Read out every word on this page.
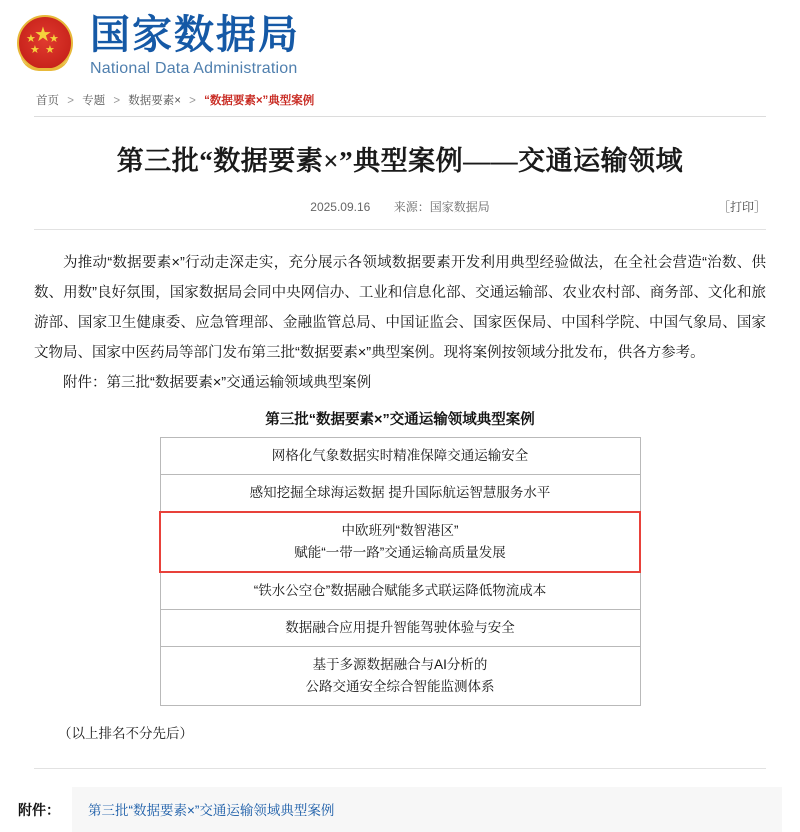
★
★ ★
★ ★ 国家数据局
National Data Administration
首页 > 专题 > 数据要素× > “数据要素×”典型案例
第三批“数据要素×”典型案例——交通运输领域
2025.09.16 来源：国家数据局	［打印］

为推动“数据要素×”行动走深走实，充分展示各领域数据要素开发利用典型经验做法，在全社会营造“治数、供数、用数”良好氛围，国家数据局会同中央网信办、工业和信息化部、交通运输部、农业农村部、商务部、文化和旅游部、国家卫生健康委、应急管理部、金融监管总局、中国证监会、国家医保局、中国科学院、中国气象局、国家文物局、国家中医药局等部门发布第三批“数据要素×”典型案例。现将案例按领域分批发布，供各方参考。

附件：第三批“数据要素×”交通运输领域典型案例

第三批“数据要素×”交通运输领域典型案例
网格化气象数据实时精准保障交通运输安全
感知挖掘全球海运数据 提升国际航运智慧服务水平
中欧班列“数智港区”
赋能“一带一路”交通运输高质量发展
“铁水公空仓”数据融合赋能多式联运降低物流成本
数据融合应用提升智能驾驶体验与安全
基于多源数据融合与AI分析的
公路交通安全综合智能监测体系
（以上排名不分先后）
附件：	第三批“数据要素×”交通运输领域典型案例
